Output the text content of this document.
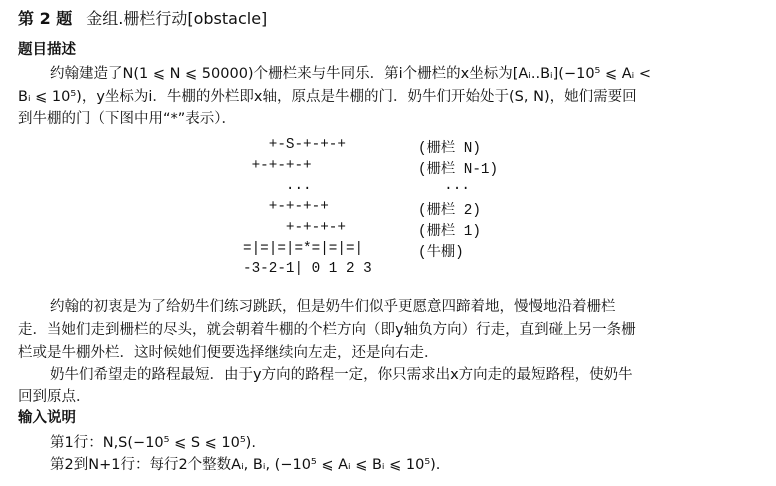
第 2 题 金组.栅栏行动[obstacle]
题目描述
约翰建造了N(1 ⩽ N ⩽ 50000)个栅栏来与牛同乐．第i个栅栏的x坐标为[Aᵢ..Bᵢ](−10⁵ ⩽ Aᵢ <
Bᵢ ⩽ 10⁵)，y坐标为i．牛棚的外栏即x轴，原点是牛棚的门．奶牛们开始处于(S, N)，她们需要回
到牛棚的门（下图中用“*”表示）．
+-S-+-+-+
+-+-+-+
...
+-+-+-+
+-+-+-+
=|=|=|=*=|=|=|
-3-2-1| 0 1 2 3
(栅栏 N)
(栅栏 N-1)
...
(栅栏 2)
(栅栏 1)
(牛棚)
约翰的初衷是为了给奶牛们练习跳跃，但是奶牛们似乎更愿意四蹄着地，慢慢地沿着栅栏
走．当她们走到栅栏的尽头，就会朝着牛棚的个栏方向（即y轴负方向）行走，直到碰上另一条栅
栏或是牛棚外栏．这时候她们便要选择继续向左走，还是向右走．
奶牛们希望走的路程最短．由于y方向的路程一定，你只需求出x方向走的最短路程，使奶牛
回到原点．
输入说明
第1行：N,S(−10⁵ ⩽ S ⩽ 10⁵).
第2到N+1行：每行2个整数Aᵢ, Bᵢ, (−10⁵ ⩽ Aᵢ ⩽ Bᵢ ⩽ 10⁵).
